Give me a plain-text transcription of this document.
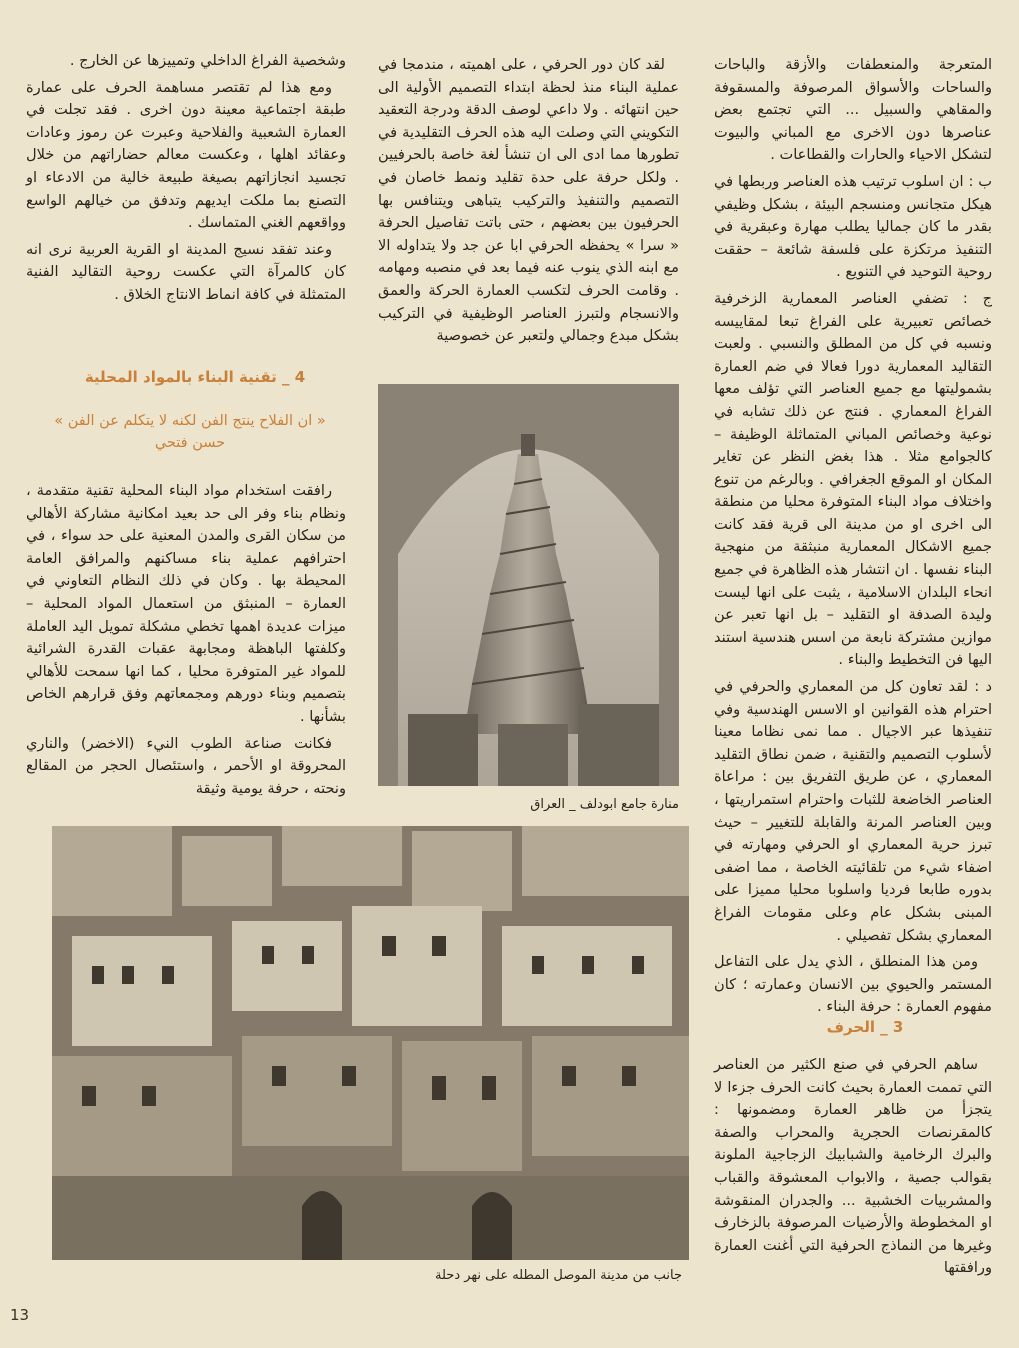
المتعرجة والمنعطفات والأزقة والباحات والساحات والأسواق المرصوفة والمسقوفة والمقاهي والسبيل ... التي تجتمع بعض عناصرها دون الاخرى مع المباني والبيوت لتشكل الاحياء والحارات والقطاعات .

ب : ان اسلوب ترتيب هذه العناصر وربطها في هيكل متجانس ومنسجم البيئة ، بشكل وظيفي بقدر ما كان جماليا يطلب مهارة وعبقرية في التنفيذ مرتكزة على فلسفة شائعة – حققت روحية التوحيد في التنويع .

ج : تضفي العناصر المعمارية الزخرفية خصائص تعبيرية على الفراغ تبعا لمقاييسه ونسبه في كل من المطلق والنسبي . ولعبت التقاليد المعمارية دورا فعالا في ضم العمارة بشموليتها مع جميع العناصر التي تؤلف معها الفراغ المعماري . فنتج عن ذلك تشابه في نوعية وخصائص المباني المتماثلة الوظيفة – كالجوامع مثلا . هذا بغض النظر عن تغاير المكان او الموقع الجغرافي . وبالرغم من تنوع واختلاف مواد البناء المتوفرة محليا من منطقة الى اخرى او من مدينة الى قرية فقد كانت جميع الاشكال المعمارية منبثقة من منهجية البناء نفسها . ان انتشار هذه الظاهرة في جميع انحاء البلدان الاسلامية ، يثبت على انها ليست وليدة الصدفة او التقليد – بل انها تعبر عن موازين مشتركة نابعة من اسس هندسية استند اليها فن التخطيط والبناء .

د : لقد تعاون كل من المعماري والحرفي في احترام هذه القوانين او الاسس الهندسية وفي تنفيذها عبر الاجيال . مما نمى نظاما معينا لأسلوب التصميم والتقنية ، ضمن نطاق التقليد المعماري ، عن طريق التفريق بين : مراعاة العناصر الخاضعة للثبات واحترام استمراريتها ، وبين العناصر المرنة والقابلة للتغيير – حيث تبرز حرية المعماري او الحرفي ومهارته في اضفاء شيء من تلقائيته الخاصة ، مما اضفى بدوره طابعا فرديا واسلوبا محليا مميزا على المبنى بشكل عام وعلى مقومات الفراغ المعماري بشكل تفصيلي .

ومن هذا المنطلق ، الذي يدل على التفاعل المستمر والحيوي بين الانسان وعمارته ؛ كان مفهوم العمارة : حرفة البناء .

3 _ الحرف

ساهم الحرفي في صنع الكثير من العناصر التي تممت العمارة بحيث كانت الحرف جزءا لا يتجزأ من ظاهر العمارة ومضمونها : كالمقرنصات الحجرية والمحراب والصفة والبرك الرخامية والشبابيك الزجاجية الملونة بقوالب جصية ، والابواب المعشوقة والقباب والمشربيات الخشبية ... والجدران المنقوشة او المخطوطة والأرضيات المرصوفة بالزخارف وغيرها من النماذج الحرفية التي أغنت العمارة ورافقتها

لقد كان دور الحرفي ، على اهميته ، مندمجا في عملية البناء منذ لحظة ابتداء التصميم الأولية الى حين انتهائه . ولا داعي لوصف الدقة ودرجة التعقيد التكويني التي وصلت اليه هذه الحرف التقليدية في تطورها مما ادى الى ان تنشأ لغة خاصة بالحرفيين . ولكل حرفة على حدة تقليد ونمط خاصان في التصميم والتنفيذ والتركيب يتباهى ويتنافس بها الحرفيون بين بعضهم ، حتى باتت تفاصيل الحرفة « سرا » يحفظه الحرفي ابا عن جد ولا يتداوله الا مع ابنه الذي ينوب عنه فيما بعد في منصبه ومهامه . وقامت الحرف لتكسب العمارة الحركة والعمق والانسجام ولتبرز العناصر الوظيفية في التركيب بشكل مبدع وجمالي ولتعبر عن خصوصية

منارة جامع ابودلف _ العراق

وشخصية الفراغ الداخلي وتمييزها عن الخارج .

ومع هذا لم تقتصر مساهمة الحرف على عمارة طبقة اجتماعية معينة دون اخرى . فقد تجلت في العمارة الشعبية والفلاحية وعبرت عن رموز وعادات وعقائد اهلها ، وعكست معالم حضاراتهم من خلال تجسيد انجازاتهم بصيغة طبيعة خالية من الادعاء او التصنع بما ملكت ايديهم وتدفق من خيالهم الواسع وواقعهم الغني المتماسك .

وعند تفقد نسيج المدينة او القرية العربية نرى انه كان كالمرآة التي عكست روحية التقاليد الفنية المتمثلة في كافة انماط الانتاج الخلاق .

4 _ تقنية البناء بالمواد المحلية
« ان الفلاح ينتج الفن لكنه لا يتكلم عن الفن » حسن فتحي

رافقت استخدام مواد البناء المحلية تقنية متقدمة ، ونظام بناء وفر الى حد بعيد امكانية مشاركة الأهالي من سكان القرى والمدن المعنية على حد سواء ، في احترافهم عملية بناء مساكنهم والمرافق العامة المحيطة بها . وكان في ذلك النظام التعاوني في العمارة – المنبثق من استعمال المواد المحلية – ميزات عديدة اهمها تخطي مشكلة تمويل اليد العاملة وكلفتها الباهظة ومجابهة عقبات القدرة الشرائية للمواد غير المتوفرة محليا ، كما انها سمحت للأهالي بتصميم وبناء دورهم ومجمعاتهم وفق قرارهم الخاص بشأنها .

فكانت صناعة الطوب النيء (الاخضر) والناري المحروقة او الأحمر ، واستئصال الحجر من المقالع ونحته ، حرفة يومية وثيقة

جانب من مدينة الموصل المطله على نهر دحلة
13
